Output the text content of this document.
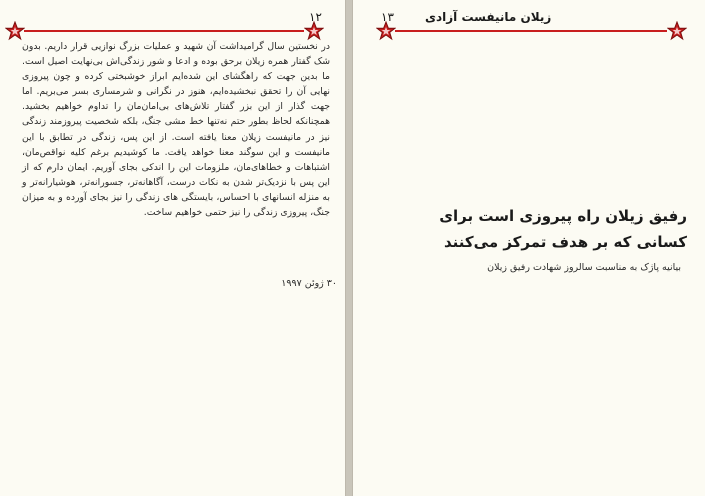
۱۲

در نخستین سال گرامیداشت آن شهید و عملیات بزرگ نوازیی قرار داریم. بدون شک گفتار همره زیلان برحق بوده و ادعا و شور زندگی‌اش بی‌نهایت اصیل است. ما بدین جهت که راهگشای این شده‌ایم ابراز خوشبختی کرده و چون پیروزی نهایی آن را تحقق نبخشیده‌ایم، هنوز در نگرانی و شرمساری بسر می‌بریم. اما جهت گذار از این بزر گفتار تلاش‌های بی‌امان‌مان را تداوم خواهیم بخشید. همچنانکه لحاظ بطور حتم نه‌تنها خط مشی جنگ، بلکه شخصیت پیروزمند زندگی نیز در مانیفست زیلان معنا یافته است. از این پس، زندگی در تطابق با این مانیفست و این سوگند معنا خواهد یافت. ما کوشیدیم برغم کلیه نواقص‌مان، اشتباهات و خطاهای‌مان، ملزومات این را اندکی بجای آوریم. ایمان دارم که از این پس با نزدیک‌تر شدن به نکات درست، آگاهانه‌تر، جسورانه‌تر، هوشیارانه‌تر و به منزله انسانهای با احساس، بایستگی های زندگی را نیز بجای آورده و به میزان جنگ، پیروزی زندگی را نیز حتمی خواهیم ساخت.

۳۰ ژوئن ۱۹۹۷
۱۳	زیلان مانیفست آزادی
رفیق زیلان راه پیروزی است برای
کسانی که بر هدف تمرکز می‌کنند
بیانیه پاژک به مناسبت سالروز شهادت رفیق زیلان
